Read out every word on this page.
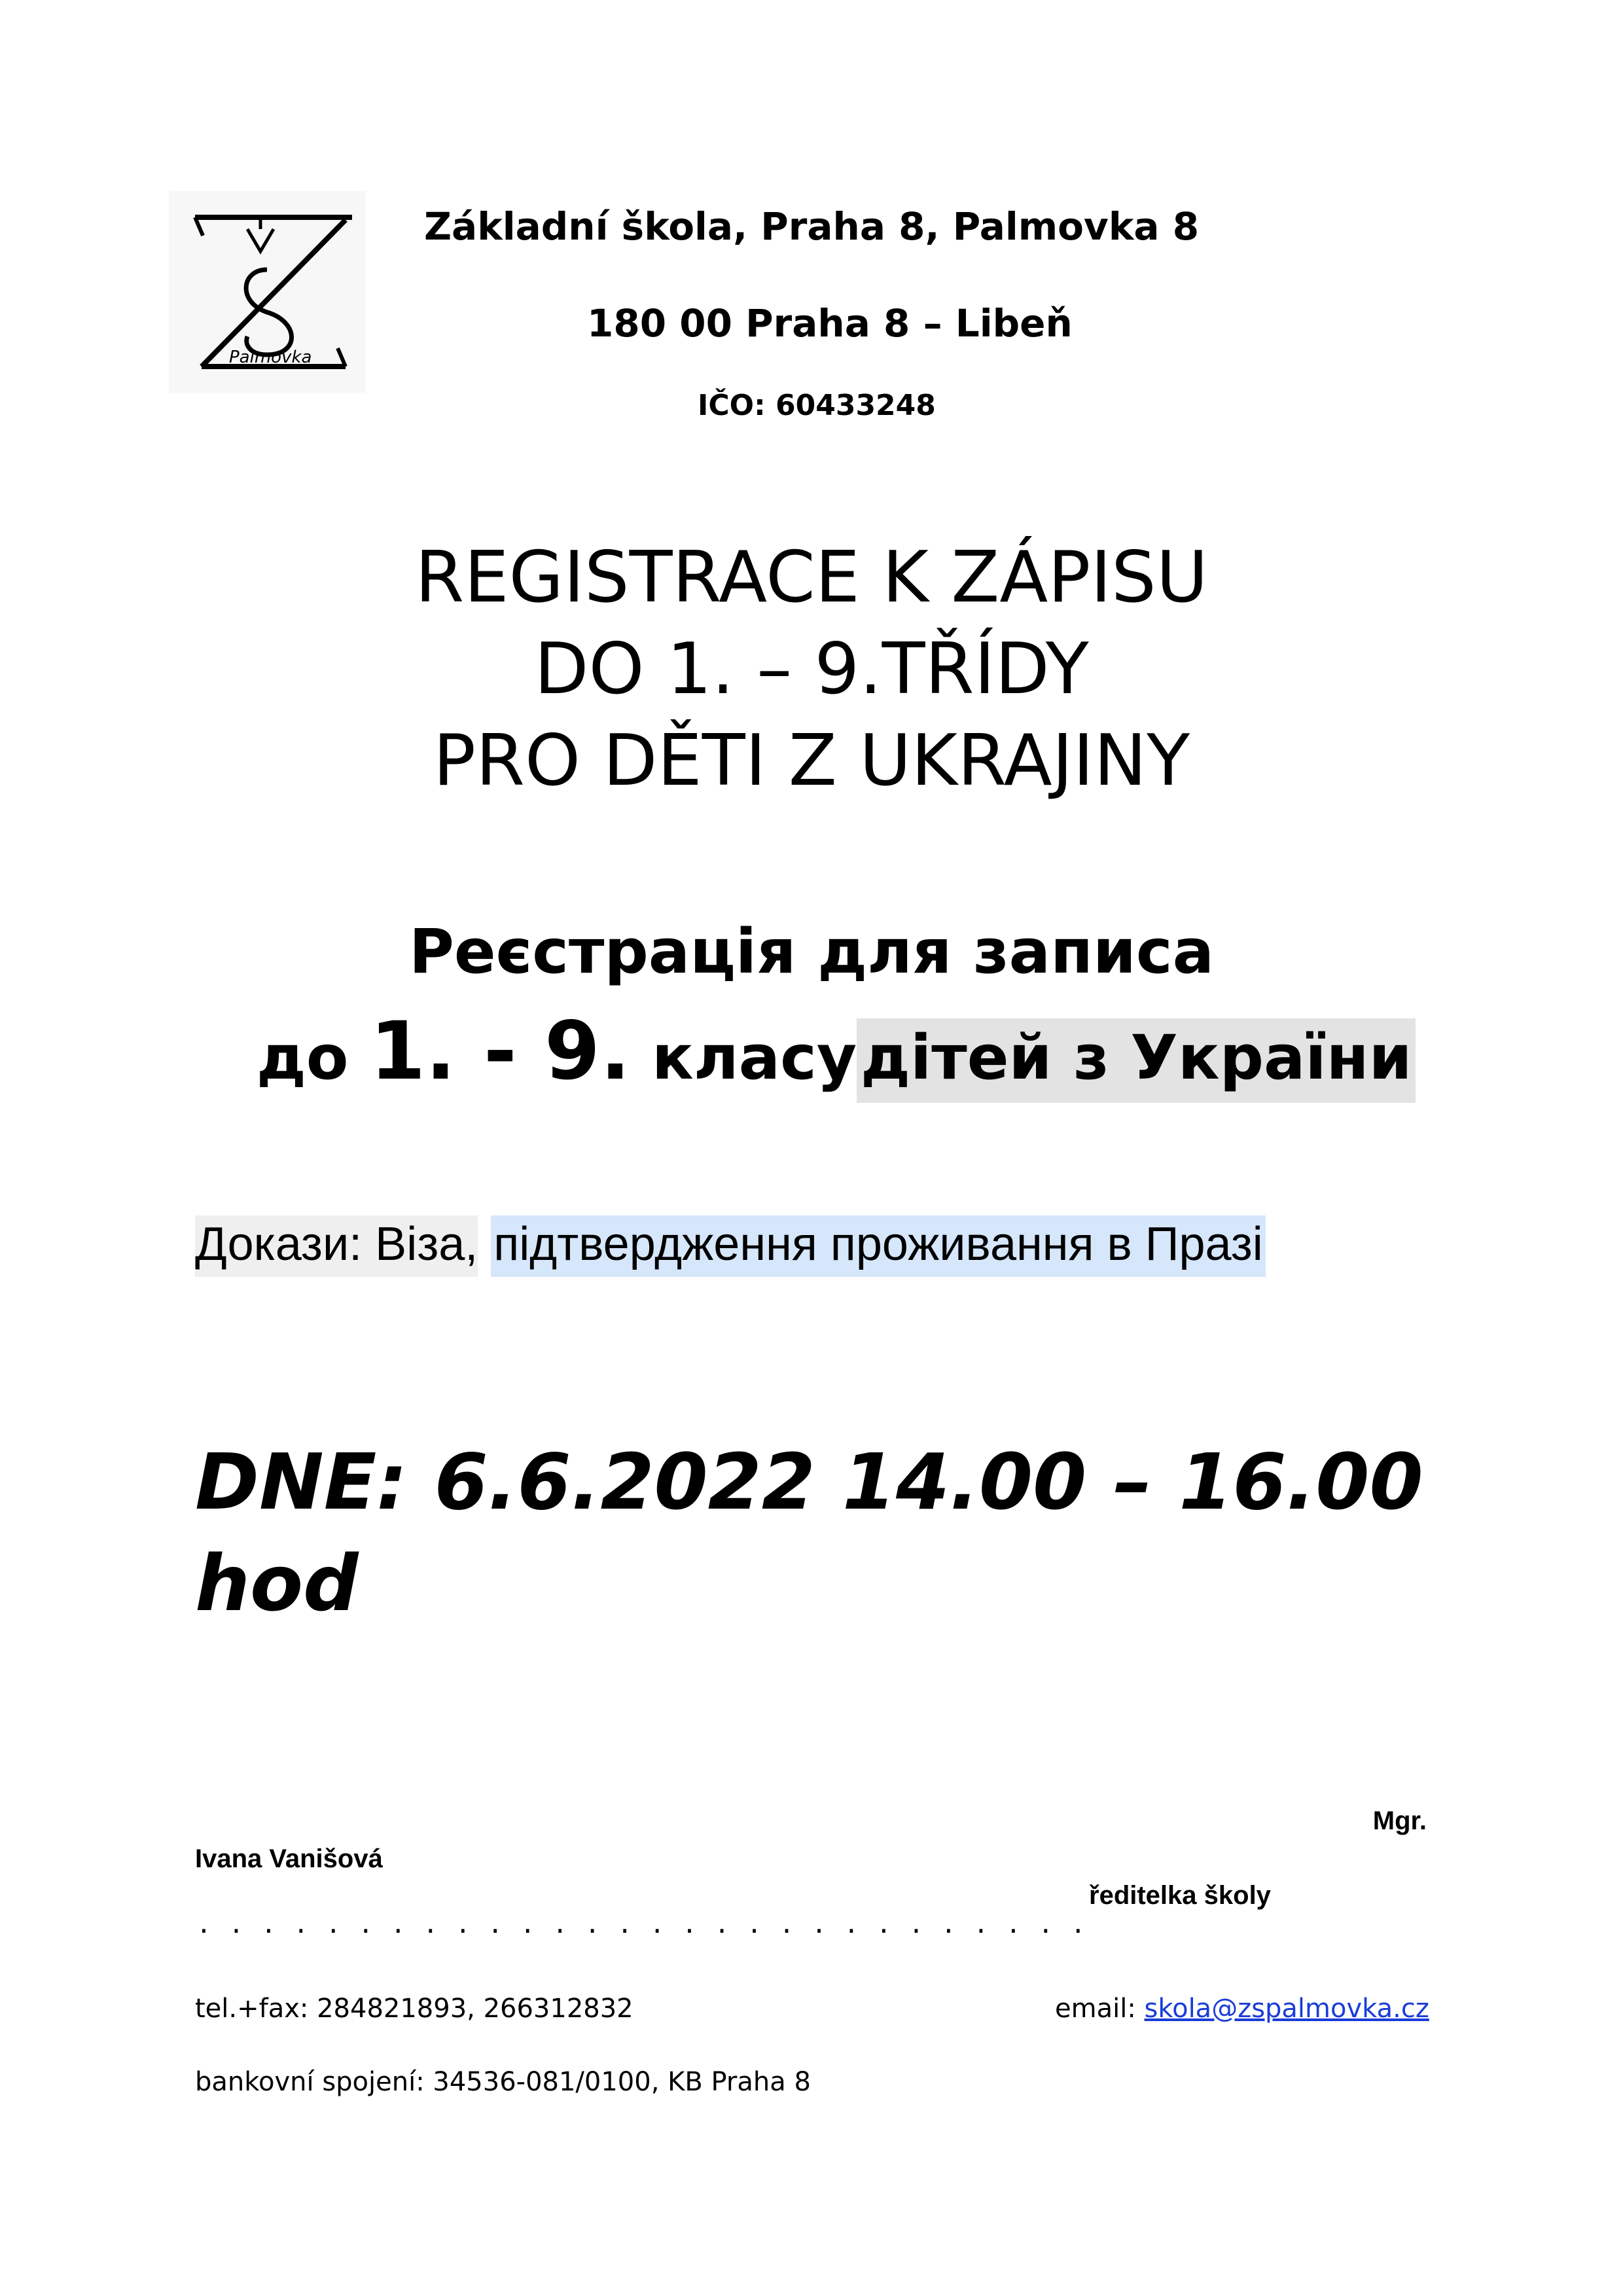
Palmovka
Základní škola, Praha 8, Palmovka 8
180 00 Praha 8 – Libeň
IČO: 60433248
REGISTRACE K ZÁPISU
DO 1. – 9.TŘÍDY
PRO DĚTI Z UKRAJINY
Реєстрація для записа
до 1. - 9. класудітей з України
Докази: Віза, підтвердження проживання в Празі
DNE: 6.6.2022 14.00 – 16.00
hod
Mgr.
Ivana Vanišová
ředitelka školy
............................
tel.+fax: 284821893, 266312832	email: skola@zspalmovka.cz
bankovní spojení: 34536-081/0100, KB Praha 8
